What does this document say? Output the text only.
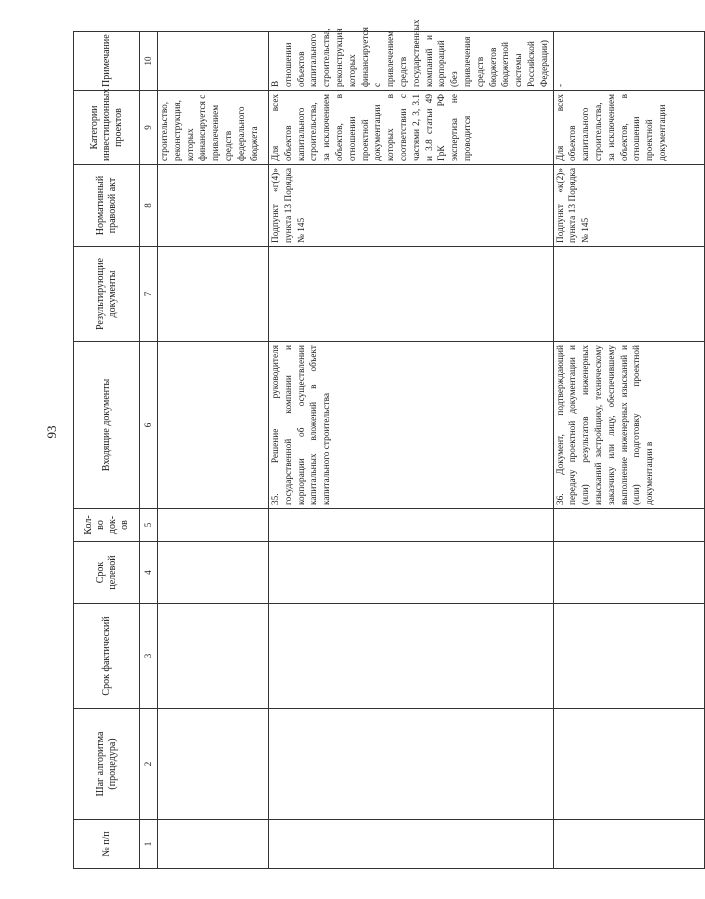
93
№ п/п	Шаг алгоритма (процедура)	Срок фактический	Срок целевой	Кол-во док-ов	Входящие документы	Результирующие документы	Нормативный правовой акт	Категории инвестиционных проектов	Примечание
1	2	3	4	5	6	7	8	9	10
								строительство, реконструкция, которых финансируется с привлечением средств федерального бюджета	
					35. Решение руководителя государственной компании и корпорации об осуществлении капитальных вложений в объект капитального строительства		Подпункт «г(4)» пункта 13 Порядка № 145	Для всех объектов капитального строительства, за исключением объектов, в отношении проектной документации которых в соответствии с частями 2, 3, 3.1 и 3.8 статьи 49 ГрК РФ экспертиза не проводится	В отношении объектов капитального строительства, реконструкция которых финансируется с привлечением средств государственных компаний и корпораций (без привлечения средств бюджетов бюджетной системы Российской Федерации)
					36. Документ, подтверждающий передачу проектной документации и (или) результатов инженерных изысканий застройщику, техническому заказчику или лицу, обеспечившему выполнение инженерных изысканий и (или) подготовку проектной документации в		Подпункт «к(2)» пункта 13 Порядка № 145	Для всех объектов капитального строительства, за исключением объектов, в отношении проектной документации	-
